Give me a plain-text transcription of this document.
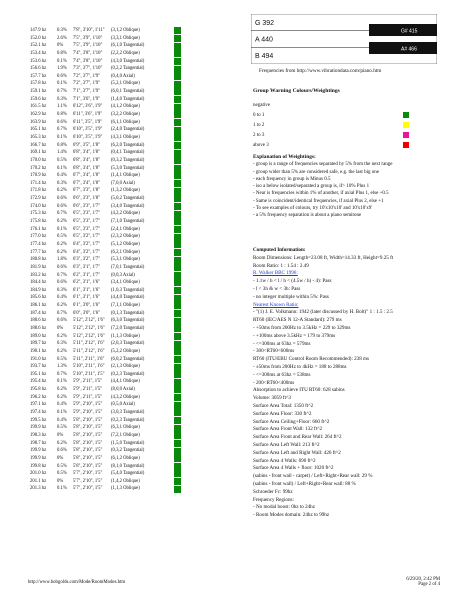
147.9 hz	0.3%	7'8", 3'10", 1'11"	(3,1,2 Oblique)
152.0 hz	2.6%	7'5", 3'9", 1'10"	(3,3,1 Oblique)
152.1 hz	0%	7'5", 3'9", 1'10"	(6,1,0 Tangential)
153.4 hz	0.8%	7'4", 3'8", 1'10"	(2,2,2 Oblique)
153.6 hz	0.1%	7'4", 3'8", 1'10"	(4,3,0 Tangential)
156.6 hz	1.9%	7'3", 3'7", 1'10"	(0,2,2 Tangential)
157.7 hz	0.6%	7'2", 3'7", 1'9"	(0,4,0 Axial)
157.8 hz	0.1%	7'2", 3'7", 1'9"	(5,2,1 Oblique)
159.1 hz	0.7%	7'1", 3'7", 1'9"	(6,0,1 Tangential)
159.6 hz	0.3%	7'1", 3'6", 1'9"	(1,4,0 Tangential)
161.5 hz	1.1%	6'12", 3'6", 1'9"	(4,1,2 Oblique)
162.9 hz	0.8%	6'11", 3'6", 1'9"	(3,2,2 Oblique)
163.9 hz	0.6%	6'11", 3'5", 1'9"	(6,1,1 Oblique)
165.1 hz	0.7%	6'10", 3'5", 1'9"	(2,4,0 Tangential)
165.3 hz	0.1%	6'10", 3'5", 1'9"	(4,3,1 Oblique)
166.7 hz	0.8%	6'9", 3'5", 1'8"	(6,2,0 Tangential)
169.1 hz	1.4%	6'8", 3'4", 1'8"	(0,4,1 Tangential)
170.0 hz	0.5%	6'8", 3'4", 1'8"	(0,3,2 Tangential)
170.2 hz	0.1%	6'8", 3'4", 1'8"	(5,3,0 Tangential)
170.9 hz	0.4%	6'7", 3'4", 1'8"	(1,4,1 Oblique)
171.4 hz	0.3%	6'7", 3'4", 1'8"	(7,0,0 Axial)
171.8 hz	0.2%	6'7", 3'3", 1'8"	(1,3,2 Oblique)
172.9 hz	0.6%	6'6", 3'3", 1'8"	(5,0,2 Tangential)
174.0 hz	0.6%	6'6", 3'3", 1'7"	(3,4,0 Tangential)
175.3 hz	0.7%	6'5", 3'3", 1'7"	(4,2,2 Oblique)
175.8 hz	0.2%	6'5", 3'3", 1'7"	(7,1,0 Tangential)
176.1 hz	0.1%	6'5", 3'3", 1'7"	(2,4,1 Oblique)
177.0 hz	0.5%	6'5", 3'2", 1'7"	(2,3,2 Oblique)
177.4 hz	0.2%	6'4", 3'2", 1'7"	(5,1,2 Oblique)
177.7 hz	0.2%	6'4", 3'2", 1'7"	(6,2,1 Oblique)
180.8 hz	1.8%	6'3", 3'2", 1'7"	(5,3,1 Oblique)
181.9 hz	0.6%	6'3", 3'1", 1'7"	(7,0,1 Tangential)
183.2 hz	0.7%	6'2", 3'1", 1'7"	(0,0,3 Axial)
184.4 hz	0.6%	6'2", 3'1", 1'6"	(3,4,1 Oblique)
184.9 hz	0.3%	6'1", 3'1", 1'6"	(1,0,3 Tangential)
185.6 hz	0.4%	6'1", 3'1", 1'6"	(4,4,0 Tangential)
186.1 hz	0.2%	6'1", 3'0", 1'6"	(7,1,1 Oblique)
187.4 hz	0.7%	6'0", 3'0", 1'6"	(0,1,3 Tangential)
188.6 hz	0.6%	5'12", 2'12", 1'6"	(6,3,0 Tangential)
188.6 hz	0%	5'12", 2'12", 1'6"	(7,2,0 Tangential)
189.0 hz	0.2%	5'12", 2'12", 1'6"	(1,1,3 Oblique)
189.7 hz	0.3%	5'11", 2'12", 1'6"	(2,0,3 Tangential)
190.1 hz	0.2%	5'11", 2'12", 1'6"	(5,2,2 Oblique)
191.0 hz	0.5%	5'11", 2'11", 1'6"	(6,0,2 Tangential)
193.7 hz	1.3%	5'10", 2'11", 1'6"	(2,1,3 Oblique)
195.1 hz	0.7%	5'10", 2'11", 1'5"	(0,2,3 Tangential)
195.4 hz	0.1%	5'9", 2'11", 1'5"	(4,4,1 Oblique)
195.8 hz	0.2%	5'9", 2'11", 1'5"	(8,0,0 Axial)
196.2 hz	0.2%	5'9", 2'11", 1'5"	(4,3,2 Oblique)
197.1 hz	0.4%	5'9", 2'10", 1'5"	(0,5,0 Axial)
197.4 hz	0.1%	5'9", 2'10", 1'5"	(3,0,3 Tangential)
199.5 hz	0.4%	5'8", 2'10", 1'5"	(0,2,3 Tangential)
199.9 hz	0.5%	5'8", 2'10", 1'5"	(6,3,1 Oblique)
198.3 hz	0%	5'8", 2'10", 1'5"	(7,2,1 Oblique)
198.7 hz	0.2%	5'8", 2'10", 1'5"	(1,5,0 Tangential)
199.9 hz	0.6%	5'8", 2'10", 1'5"	(0,3,2 Tangential)
199.9 hz	0%	5'8", 2'10", 1'5"	(6,1,2 Oblique)
199.8 hz	0.5%	5'8", 2'10", 1'5"	(8,1,0 Tangential)
201.0 hz	0.5%	5'7", 2'10", 1'5"	(5,4,0 Tangential)
201.1 hz	0%	5'7", 2'10", 1'5"	(1,4,2 Oblique)
201.3 hz	0.1%	5'7", 2'10", 1'5"	(1,1,3 Oblique)
G 392
A 440
B 494
G# 415
A# 466
Frequencies from http://www.vibrationdata.com/piano.htm
Group Warning Colours/Weightings
negative
0 to 1
1 to 2
2 to 3
above 3
Explanation of Weightings:
- group is a range of frequencies separated by 5% from the next range
- group wider than 5% are considered safe, e.g. the last big one
- each frequency in group is Minus 0.5
- iso a below isolated/separated a group is, if> 10% Plus 1
- Near is frequencies within 1% of another, if axial Plus 1, else +0.5
- Same is coincident/identical frequencies, if axial Plus 2, else +1
- To see examples of colours, try 10'x10'x10' and 10'x10'x9'
- a 5% frequency separation is about a piano semitone
Computed Information:
Room Dimensions: Length=23.08 ft, Width=14.33 ft, Height=9.25 ft
Room Ratio: 1 : 1.54 : 2.49
R. Walker BBC 1996:
- 1.1w / h < l / h < (4.5w / h) - 4): Pass
- l < 3h & w < 3h: Pass
- no integer multiple within 5%: Pass
Nearest Known Ratio:
- "(1) J. E. Volkmann: 1942 (later discussed by H. Bolt)" 1 : 1.5 : 2.5
RT60 (IEC/AES N 12-A Standard): 279 ms
- +50ms from 200Hz to 3.5kHz = 229 to 329ms
- +100ms above 3.5kHz = 179 to 379ms
- <=300ms at 63hz = 579ms
- 300<RT60<600ms
RT60 (ITU/EBU Control Room Recommended): 238 ms
- ±50ms from 200Hz to 4kHz = 188 to 288ms
- <=300ms at 63hz = 538ms
- 200<RT60<400ms
Absorption to achieve ITU RT60: 628 sabins
Volume: 3059 ft^3
Surface Area Total: 1350 ft^2
Surface Area Floor: 330 ft^2
Surface Area Ceiling+Floor: 660 ft^2
Surface Area Front Wall: 132 ft^2
Surface Area Front and Rear Wall: 264 ft^2
Surface Area Left Wall: 213 ft^2
Surface Area Left and Right Wall: 426 ft^2
Surface Area 4 Walls: 690 ft^2
Surface Area 4 Walls + floor: 1020 ft^2
(sabins - front wall - carpet) / Left+Right+Rear wall: 29 %
(sabins - front wall) / Left+Right+Rear wall: 88 %
Schroeder Fc: 99hz
Frequency Regions:
- No modal boost: 0hz to 24hz
- Room Modes domain: 24hz to 99hz
http://www.bobgolds.com/Mode/RoomModes.htm
6/29/20, 2:42 PM
Page 2 of 4
